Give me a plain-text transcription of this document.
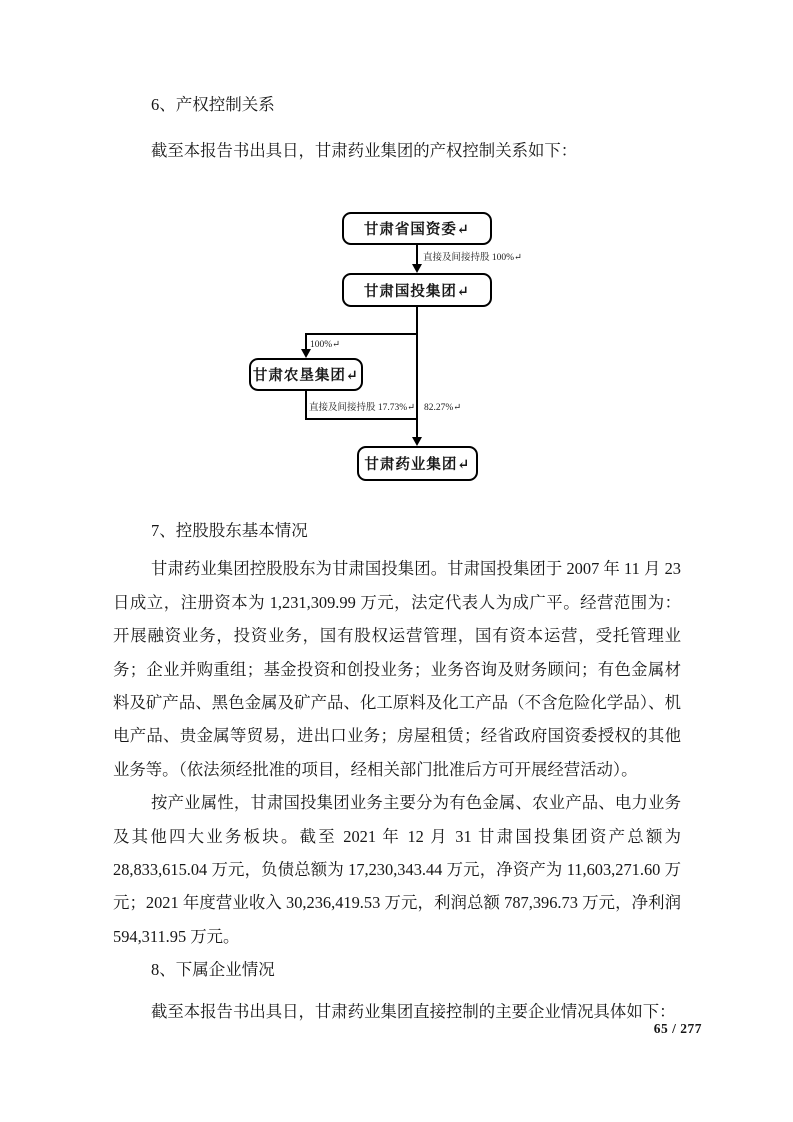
6、产权控制关系
截至本报告书出具日，甘肃药业集团的产权控制关系如下：
甘肃省国资委↵
直接及间接持股 100%↵
甘肃国投集团↵
100%↵
甘肃农垦集团↵
直接及间接持股 17.73%↵ 82.27%↵
甘肃药业集团↵
7、控股股东基本情况
甘肃药业集团控股股东为甘肃国投集团。甘肃国投集团于 2007 年 11 月 23 日成立，注册资本为 1,231,309.99 万元，法定代表人为成广平。经营范围为：开展融资业务，投资业务，国有股权运营管理，国有资本运营，受托管理业务；企业并购重组；基金投资和创投业务；业务咨询及财务顾问；有色金属材料及矿产品、黑色金属及矿产品、化工原料及化工产品（不含危险化学品）、机电产品、贵金属等贸易，进出口业务；房屋租赁；经省政府国资委授权的其他业务等。（依法须经批准的项目，经相关部门批准后方可开展经营活动）。
按产业属性，甘肃国投集团业务主要分为有色金属、农业产品、电力业务及其他四大业务板块。截至 2021 年 12 月 31 甘肃国投集团资产总额为 28,833,615.04 万元，负债总额为 17,230,343.44 万元，净资产为 11,603,271.60 万元；2021 年度营业收入 30,236,419.53 万元，利润总额 787,396.73 万元，净利润 594,311.95 万元。
8、下属企业情况
截至本报告书出具日，甘肃药业集团直接控制的主要企业情况具体如下：
65 / 277
